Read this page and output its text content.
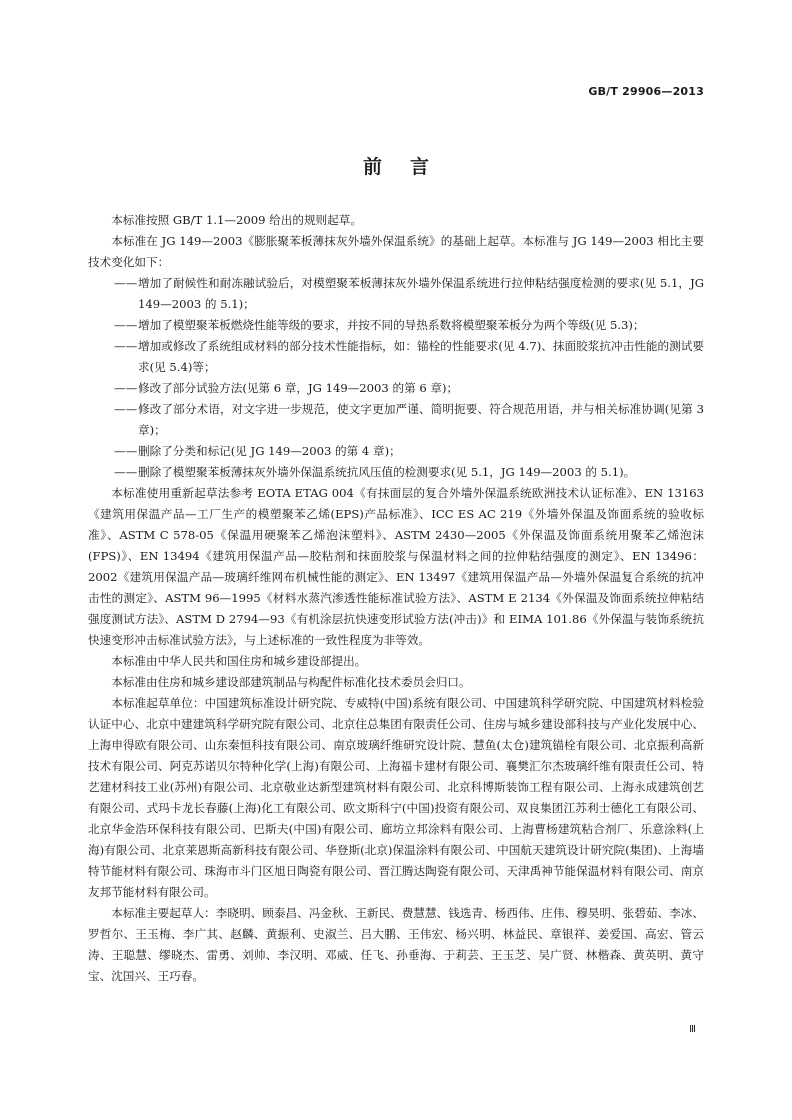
GB/T 29906—2013
前言

本标准按照 GB/T 1.1—2009 给出的规则起草。

本标准在 JG 149—2003《膨胀聚苯板薄抹灰外墙外保温系统》的基础上起草。本标准与 JG 149—2003 相比主要技术变化如下：

—— 增加了耐候性和耐冻融试验后，对模塑聚苯板薄抹灰外墙外保温系统进行拉伸粘结强度检测的要求(见 5.1，JG 149—2003 的 5.1)；
—— 增加了模塑聚苯板燃烧性能等级的要求，并按不同的导热系数将模塑聚苯板分为两个等级(见 5.3)；
—— 增加或修改了系统组成材料的部分技术性能指标，如：锚栓的性能要求(见 4.7)、抹面胶浆抗冲击性能的测试要求(见 5.4)等；
—— 修改了部分试验方法(见第 6 章，JG 149—2003 的第 6 章)；
—— 修改了部分术语，对文字进一步规范，使文字更加严谨、简明扼要、符合规范用语，并与相关标准协调(见第 3 章)；
—— 删除了分类和标记(见 JG 149—2003 的第 4 章)；
—— 删除了模塑聚苯板薄抹灰外墙外保温系统抗风压值的检测要求(见 5.1，JG 149—2003 的 5.1)。

本标准使用重新起草法参考 EOTA ETAG 004《有抹面层的复合外墙外保温系统欧洲技术认证标准》、EN 13163《建筑用保温产品—工厂生产的模塑聚苯乙烯(EPS)产品标准》、ICC ES AC 219《外墙外保温及饰面系统的验收标准》、ASTM C 578-05《保温用硬聚苯乙烯泡沫塑料》、ASTM 2430—2005《外保温及饰面系统用聚苯乙烯泡沫(FPS)》、EN 13494《建筑用保温产品—胶粘剂和抹面胶浆与保温材料之间的拉伸粘结强度的测定》、EN 13496：2002《建筑用保温产品—玻璃纤维网布机械性能的测定》、EN 13497《建筑用保温产品—外墙外保温复合系统的抗冲击性的测定》、ASTM 96—1995《材料水蒸汽渗透性能标准试验方法》、ASTM E 2134《外保温及饰面系统拉伸粘结强度测试方法》、ASTM D 2794—93《有机涂层抗快速变形试验方法(冲击)》和 EIMA 101.86《外保温与装饰系统抗快速变形冲击标准试验方法》，与上述标准的一致性程度为非等效。

本标准由中华人民共和国住房和城乡建设部提出。

本标准由住房和城乡建设部建筑制品与构配件标准化技术委员会归口。

本标准起草单位：中国建筑标准设计研究院、专威特(中国)系统有限公司、中国建筑科学研究院、中国建筑材料检验认证中心、北京中建建筑科学研究院有限公司、北京住总集团有限责任公司、住房与城乡建设部科技与产业化发展中心、上海申得欧有限公司、山东秦恒科技有限公司、南京玻璃纤维研究设计院、慧鱼(太仓)建筑锚栓有限公司、北京振利高新技术有限公司、阿克苏诺贝尔特种化学(上海)有限公司、上海福卡建材有限公司、襄樊汇尔杰玻璃纤维有限责任公司、特艺建材科技工业(苏州)有限公司、北京敬业达新型建筑材料有限公司、北京科博斯装饰工程有限公司、上海永成建筑创艺有限公司、式玛卡龙长春藤(上海)化工有限公司、欧文斯科宁(中国)投资有限公司、双良集团江苏利士德化工有限公司、北京华金浩环保科技有限公司、巴斯夫(中国)有限公司、廊坊立邦涂料有限公司、上海曹杨建筑粘合剂厂、乐意涂料(上海)有限公司、北京莱恩斯高新科技有限公司、华登斯(北京)保温涂料有限公司、中国航天建筑设计研究院(集团)、上海墙特节能材料有限公司、珠海市斗门区旭日陶瓷有限公司、晋江腾达陶瓷有限公司、天津禹神节能保温材料有限公司、南京友邦节能材料有限公司。

本标准主要起草人：李晓明、顾泰昌、冯金秋、王新民、费慧慧、钱选青、杨西伟、庄伟、穆昊明、张碧茹、李冰、罗哲尔、王玉梅、李广其、赵麟、黄振利、史淑兰、吕大鹏、王伟宏、杨兴明、林益民、章银祥、姜爱国、高宏、管云涛、王聪慧、缪晓杰、雷勇、刘帅、李汉明、邓威、任飞、孙垂海、于莉芸、王玉芝、吴广贤、林楷森、黄英明、黄守宝、沈国兴、王巧春。

Ⅲ
